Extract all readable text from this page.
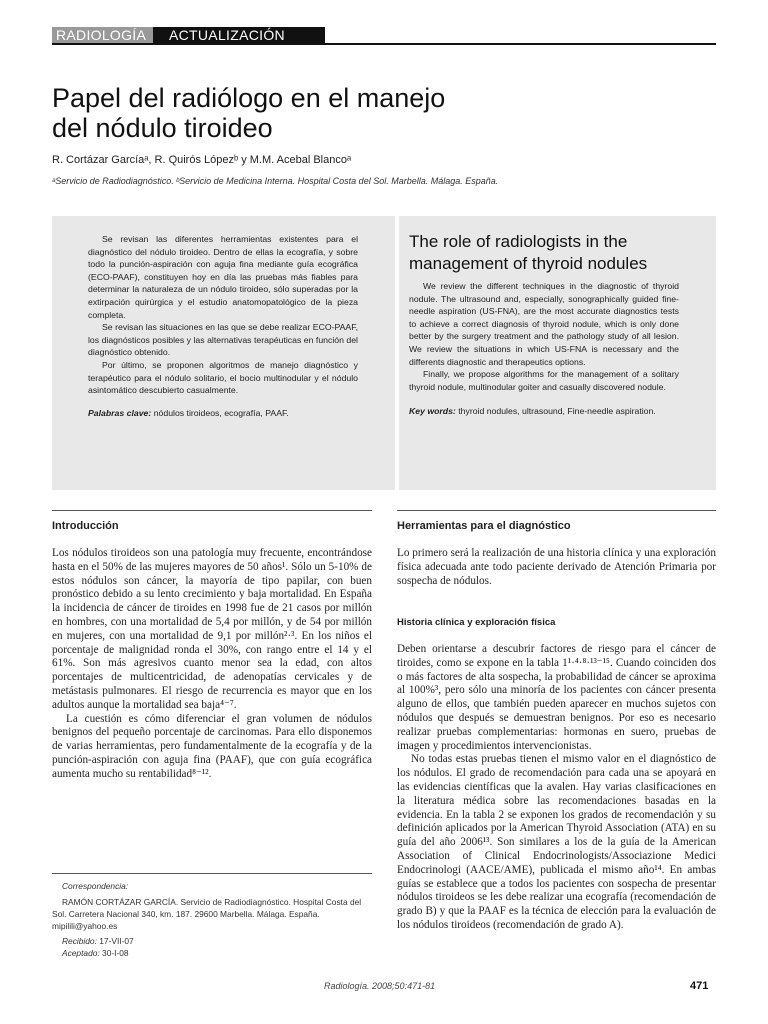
RADIOLOGÍA	ACTUALIZACIÓN
Papel del radiólogo en el manejo
del nódulo tiroideo
R. Cortázar Garcíaᵃ, R. Quirós Lópezᵇ y M.M. Acebal Blancoᵃ
ᵃServicio de Radiodiagnóstico. ᵇServicio de Medicina Interna. Hospital Costa del Sol. Marbella. Málaga. España.

Se revisan las diferentes herramientas existentes para el diagnóstico del nódulo tiroideo. Dentro de ellas la ecografía, y sobre todo la punción-aspiración con aguja fina mediante guía ecográfica (ECO-PAAF), constituyen hoy en día las pruebas más fiables para determinar la naturaleza de un nódulo tiroideo, sólo superadas por la extirpación quirúrgica y el estudio anatomopatológico de la pieza completa.

Se revisan las situaciones en las que se debe realizar ECO-PAAF, los diagnósticos posibles y las alternativas terapéuticas en función del diagnóstico obtenido.

Por último, se proponen algoritmos de manejo diagnóstico y terapéutico para el nódulo solitario, el bocio multinodular y el nódulo asintomático descubierto casualmente.

Palabras clave: nódulos tiroideos, ecografía, PAAF.

The role of radiologists in the management of thyroid nodules

We review the different techniques in the diagnostic of thyroid nodule. The ultrasound and, especially, sonographically guided fine-needle aspiration (US-FNA), are the most accurate diagnostics tests to achieve a correct diagnosis of thyroid nodule, which is only done better by the surgery treatment and the pathology study of all lesion. We review the situations in which US-FNA is necessary and the differents diagnostic and therapeutics options.

Finally, we propose algorithms for the management of a solitary thyroid nodule, multinodular goiter and casually discovered nodule.

Key words: thyroid nodules, ultrasound, Fine-needle aspiration.

Introducción

Los nódulos tiroideos son una patología muy frecuente, encontrándose hasta en el 50% de las mujeres mayores de 50 años¹. Sólo un 5-10% de estos nódulos son cáncer, la mayoría de tipo papilar, con buen pronóstico debido a su lento crecimiento y baja mortalidad. En España la incidencia de cáncer de tiroides en 1998 fue de 21 casos por millón en hombres, con una mortalidad de 5,4 por millón, y de 54 por millón en mujeres, con una mortalidad de 9,1 por millón²·³. En los niños el porcentaje de malignidad ronda el 30%, con rango entre el 14 y el 61%. Son más agresivos cuanto menor sea la edad, con altos porcentajes de multicentricidad, de adenopatías cervicales y de metástasis pulmonares. El riesgo de recurrencia es mayor que en los adultos aunque la mortalidad sea baja⁴⁻⁷.

La cuestión es cómo diferenciar el gran volumen de nódulos benignos del pequeño porcentaje de carcinomas. Para ello disponemos de varias herramientas, pero fundamentalmente de la ecografía y de la punción-aspiración con aguja fina (PAAF), que con guía ecográfica aumenta mucho su rentabilidad⁸⁻¹².

Correspondencia:
RAMÓN CORTÁZAR GARCÍA. Servicio de Radiodiagnóstico. Hospital Costa del Sol. Carretera Nacional 340, km. 187. 29600 Marbella. Málaga. España. mipilili@yahoo.es
Recibido: 17-VII-07
Aceptado: 30-I-08
Herramientas para el diagnóstico

Lo primero será la realización de una historia clínica y una exploración física adecuada ante todo paciente derivado de Atención Primaria por sospecha de nódulos.

Historia clínica y exploración física

Deben orientarse a descubrir factores de riesgo para el cáncer de tiroides, como se expone en la tabla 1¹·⁴·⁸·¹³⁻¹⁵. Cuando coinciden dos o más factores de alta sospecha, la probabilidad de cáncer se aproxima al 100%³, pero sólo una minoría de los pacientes con cáncer presenta alguno de ellos, que también pueden aparecer en muchos sujetos con nódulos que después se demuestran benignos. Por eso es necesario realizar pruebas complementarias: hormonas en suero, pruebas de imagen y procedimientos intervencionistas.

No todas estas pruebas tienen el mismo valor en el diagnóstico de los nódulos. El grado de recomendación para cada una se apoyará en las evidencias científicas que la avalen. Hay varias clasificaciones en la literatura médica sobre las recomendaciones basadas en la evidencia. En la tabla 2 se exponen los grados de recomendación y su definición aplicados por la American Thyroid Association (ATA) en su guía del año 2006¹³. Son similares a los de la guía de la American Association of Clinical Endocrinologists/Associazione Medici Endocrinologi (AACE/AME), publicada el mismo año¹⁴. En ambas guías se establece que a todos los pacientes con sospecha de presentar nódulos tiroideos se les debe realizar una ecografía (recomendación de grado B) y que la PAAF es la técnica de elección para la evaluación de los nódulos tiroideos (recomendación de grado A).

Radiología. 2008;50:471-81	471
